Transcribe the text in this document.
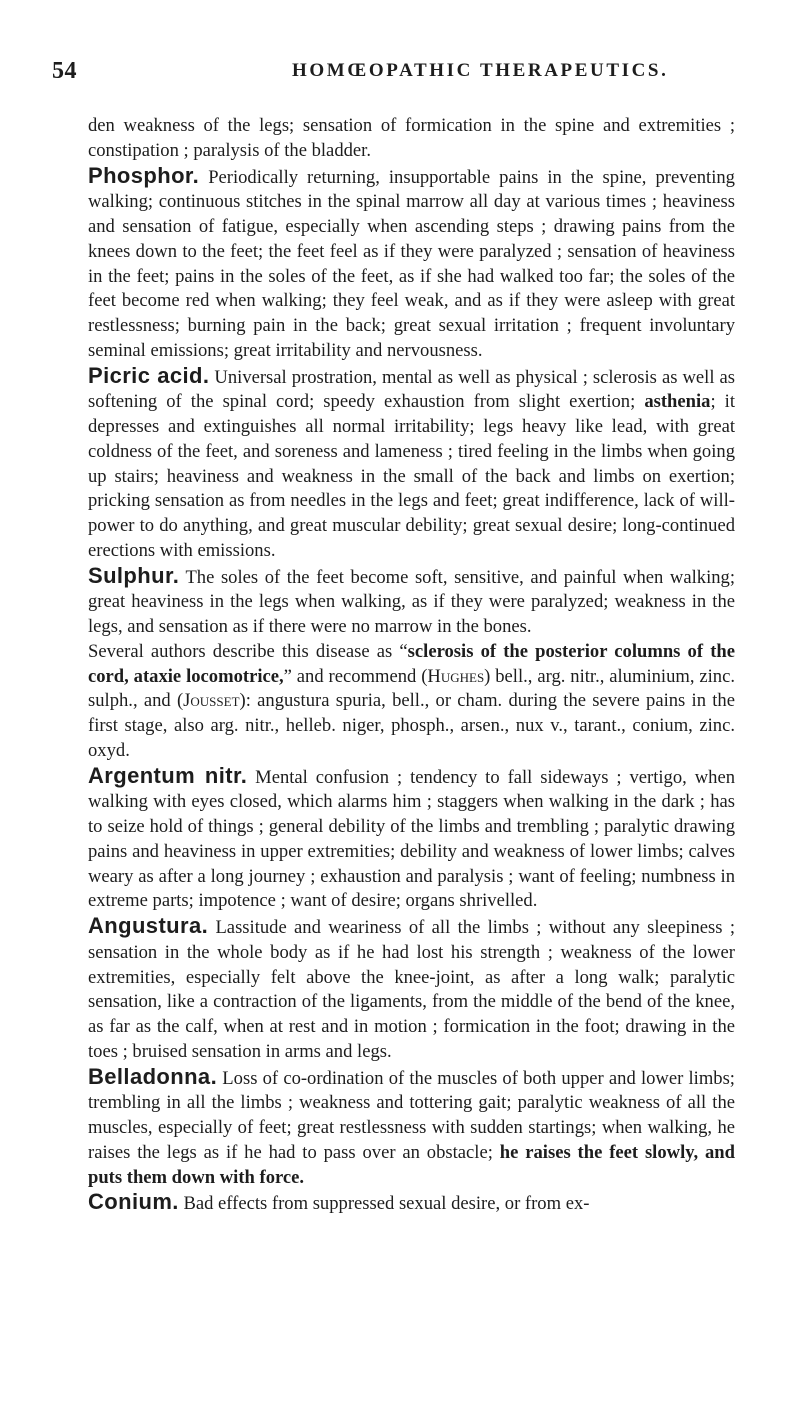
54	HOMŒOPATHIC THERAPEUTICS.

den weakness of the legs; sensation of formication in the spine and extremities ; constipation ; paralysis of the bladder.

Phosphor. Periodically returning, insupportable pains in the spine, preventing walking; continuous stitches in the spinal marrow all day at various times ; heaviness and sensation of fatigue, especially when ascending steps ; drawing pains from the knees down to the feet; the feet feel as if they were paralyzed ; sensation of heaviness in the feet; pains in the soles of the feet, as if she had walked too far; the soles of the feet become red when walking; they feel weak, and as if they were asleep with great restlessness; burning pain in the back; great sexual irritation ; frequent involuntary seminal emissions; great irritability and nervousness.

Picric acid. Universal prostration, mental as well as physical ; sclerosis as well as softening of the spinal cord; speedy exhaustion from slight exertion; asthenia; it depresses and extinguishes all normal irritability; legs heavy like lead, with great coldness of the feet, and soreness and lameness ; tired feeling in the limbs when going up stairs; heaviness and weakness in the small of the back and limbs on exertion; pricking sensation as from needles in the legs and feet; great indifference, lack of will-power to do anything, and great muscular debility; great sexual desire; long-continued erections with emissions.

Sulphur. The soles of the feet become soft, sensitive, and painful when walking; great heaviness in the legs when walking, as if they were paralyzed; weakness in the legs, and sensation as if there were no marrow in the bones.

Several authors describe this disease as “sclerosis of the posterior columns of the cord, ataxie locomotrice,” and recommend (Hughes) bell., arg. nitr., aluminium, zinc. sulph., and (Jousset): angustura spuria, bell., or cham. during the severe pains in the first stage, also arg. nitr., helleb. niger, phosph., arsen., nux v., tarant., conium, zinc. oxyd.

Argentum nitr. Mental confusion ; tendency to fall sideways ; vertigo, when walking with eyes closed, which alarms him ; staggers when walking in the dark ; has to seize hold of things ; general debility of the limbs and trembling ; paralytic drawing pains and heaviness in upper extremities; debility and weakness of lower limbs; calves weary as after a long journey ; exhaustion and paralysis ; want of feeling; numbness in extreme parts; impotence ; want of desire; organs shrivelled.

Angustura. Lassitude and weariness of all the limbs ; without any sleepiness ; sensation in the whole body as if he had lost his strength ; weakness of the lower extremities, especially felt above the knee-joint, as after a long walk; paralytic sensation, like a contraction of the ligaments, from the middle of the bend of the knee, as far as the calf, when at rest and in motion ; formication in the foot; drawing in the toes ; bruised sensation in arms and legs.

Belladonna. Loss of co-ordination of the muscles of both upper and lower limbs; trembling in all the limbs ; weakness and tottering gait; paralytic weakness of all the muscles, especially of feet; great restlessness with sudden startings; when walking, he raises the legs as if he had to pass over an obstacle; he raises the feet slowly, and puts them down with force.

Conium. Bad effects from suppressed sexual desire, or from ex-
